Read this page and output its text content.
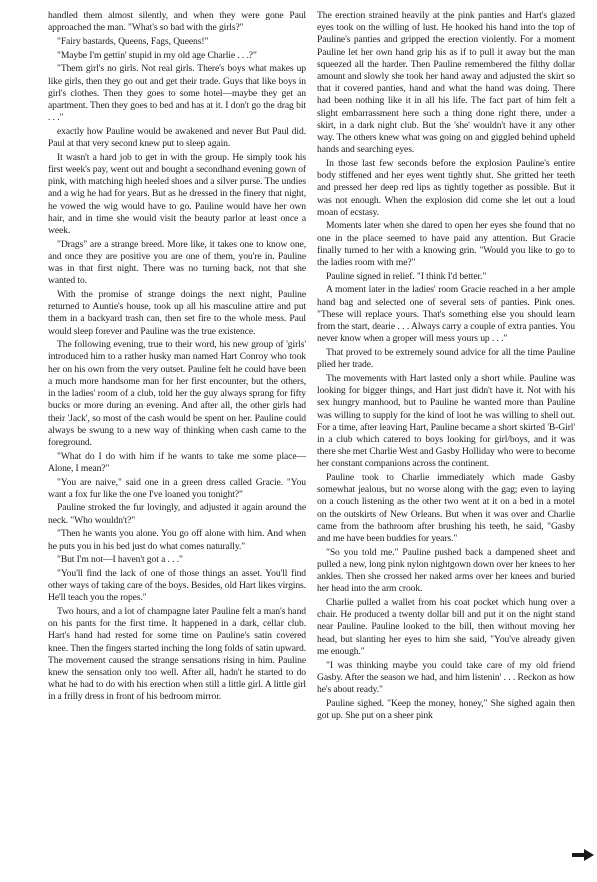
handled them almost silently, and when they were gone Paul approached the man. "What's so bad with the girls?"

"Fairy bastards, Queens, Fags, Queens!"

"Maybe I'm gettin' stupid in my old age Charlie . . .?"

"Them girl's no girls. Not real girls. There's boys what makes up like girls, then they go out and get their trade. Guys that like boys in girl's clothes. Then they goes to some hotel—maybe they get an apartment. Then they goes to bed and has at it. I don't go the drag bit . . ."

exactly how Pauline would be awakened and never But Paul did. Paul at that very second knew put to sleep again.

It wasn't a hard job to get in with the group. He simply took his first week's pay, went out and bought a secondhand evening gown of pink, with matching high heeled shoes and a silver purse. The undies and a wig he had for years. But as he dressed in the finery that night, he vowed the wig would have to go. Pauline would have her own hair, and in time she would visit the beauty parlor at least once a week.

"Drags" are a strange breed. More like, it takes one to know one, and once they are positive you are one of them, you're in. Pauline was in that first night. There was no turning back, not that she wanted to.

With the promise of strange doings the next night, Pauline returned to Auntie's house, took up all his masculine attire and put them in a backyard trash can, then set fire to the whole mess. Paul would sleep forever and Pauline was the true existence.

The following evening, true to their word, his new group of 'girls' introduced him to a rather husky man named Hart Conroy who took her on his own from the very outset. Pauline felt he could have been a much more handsome man for her first encounter, but the others, in the ladies' room of a club, told her the guy always sprang for fifty bucks or more during an evening. And after all, the other girls had their 'Jack', so most of the cash would be spent on her. Pauline could always be swung to a new way of thinking when cash came to the foreground.

"What do I do with him if he wants to take me some place—Alone, I mean?"

"You are naive," said one in a green dress called Gracie. "You want a fox fur like the one I've loaned you tonight?"

Pauline stroked the fur lovingly, and adjusted it again around the neck. "Who wouldn't?"

"Then he wants you alone. You go off alone with him. And when he puts you in his bed just do what comes naturally."

"But I'm not—I haven't got a . . ."

"You'll find the lack of one of those things an asset. You'll find other ways of taking care of the boys. Besides, old Hart likes virgins. He'll teach you the ropes."

Two hours, and a lot of champagne later Pauline felt a man's hand on his pants for the first time. It happened in a dark, cellar club. Hart's hand had rested for some time on Pauline's satin covered knee. Then the fingers started inching the long folds of satin upward. The movement caused the strange sensations rising in him. Pauline knew the sensation only too well. After all, hadn't he started to do what he had to do with his erection when still a little girl. A little girl in a frilly dress in front of his bedroom mirror.

The erection strained heavily at the pink panties and Hart's glazed eyes took on the willing of lust. He hooked his hand into the top of Pauline's panties and gripped the erection violently. For a moment Pauline let her own hand grip his as if to pull it away but the man squeezed all the harder. Then Pauline remembered the filthy dollar amount and slowly she took her hand away and adjusted the skirt so that it covered panties, hand and what the hand was doing. There had been nothing like it in all his life. The fact part of him felt a slight embarrassment here such a thing done right there, under a skirt, in a dark night club. But the 'she' wouldn't have it any other way. The others knew what was going on and giggled behind upheld hands and searching eyes.

In those last few seconds before the explosion Pauline's entire body stiffened and her eyes went tightly shut. She gritted her teeth and pressed her deep red lips as tightly together as possible. But it was not enough. When the explosion did come she let out a loud moan of ecstasy.

Moments later when she dared to open her eyes she found that no one in the place seemed to have paid any attention. But Gracie finally turned to her with a knowing grin. "Would you like to go to the ladies room with me?"

Pauline signed in relief. "I think I'd better."

A moment later in the ladies' room Gracie reached in a her ample hand bag and selected one of several sets of panties. Pink ones. "These will replace yours. That's something else you should learn from the start, dearie . . . Always carry a couple of extra panties. You never know when a groper will mess yours up . . ."

That proved to be extremely sound advice for all the time Pauline plied her trade.

The movements with Hart lasted only a short while. Pauline was looking for bigger things, and Hart just didn't have it. Not with his sex hungry manhood, but to Pauline he wanted more than Pauline was willing to supply for the kind of loot he was willing to shell out. For a time, after leaving Hart, Pauline became a short skirted 'B-Girl' in a club which catered to boys looking for girl/boys, and it was there she met Charlie West and Gasby Holliday who were to become her constant companions across the continent.

Pauline took to Charlie immediately which made Gasby somewhat jealous, but no worse along with the gag; even to laying on a couch listening as the other two went at it on a bed in a motel on the outskirts of New Orleans. But when it was over and Charlie came from the bathroom after brushing his teeth, he said, "Gasby and me have been buddies for years."

"So you told me." Pauline pushed back a dampened sheet and pulled a new, long pink nylon nightgown down over her knees to her ankles. Then she crossed her naked arms over her knees and buried her head into the arm crook.

Charlie pulled a wallet from his coat pocket which hung over a chair. He produced a twenty dollar bill and put it on the night stand near Pauline. Pauline looked to the bill, then without moving her head, but slanting her eyes to him she said, "You've already given me enough."

"I was thinking maybe you could take care of my old friend Gasby. After the season we had, and him listenin' . . . Reckon as how he's about ready."

Pauline sighed. "Keep the money, honey," She sighed again then got up. She put on a sheer pink
